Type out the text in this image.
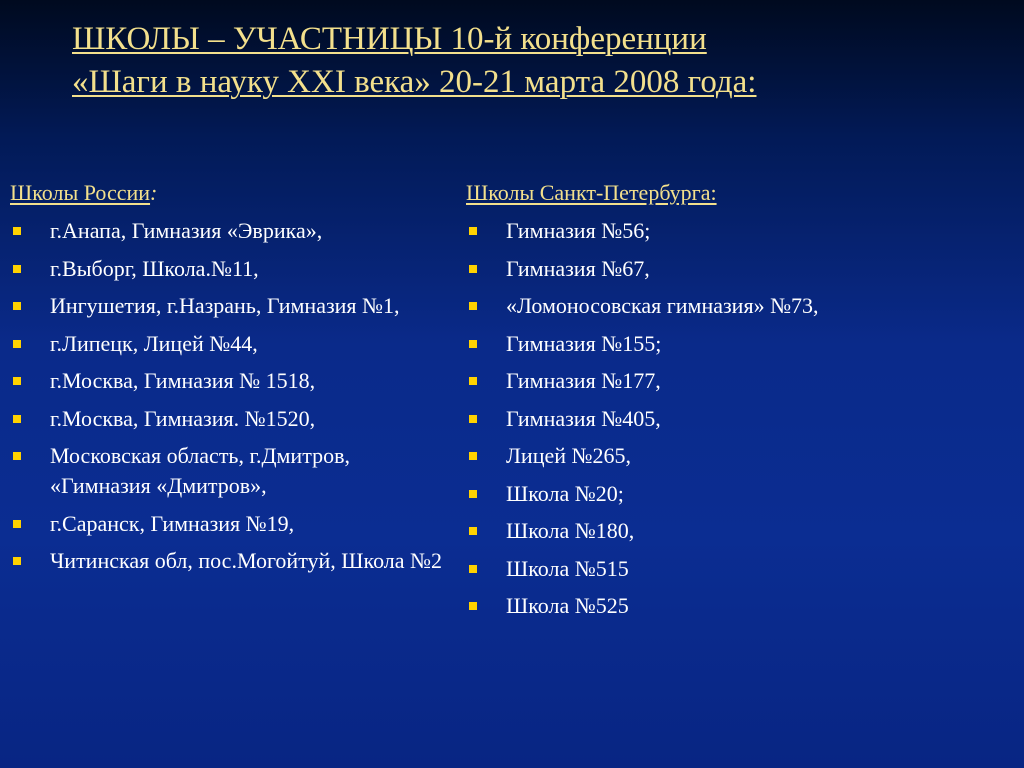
ШКОЛЫ – УЧАСТНИЦЫ 10-й конференции
«Шаги в науку XXI века» 20-21 марта 2008 года:
Школы России:
г.Анапа, Гимназия «Эврика»,
г.Выборг, Школа.№11,
Ингушетия, г.Назрань, Гимназия №1,
г.Липецк, Лицей №44,
г.Москва, Гимназия № 1518,
г.Москва, Гимназия. №1520,
Московская область, г.Дмитров, «Гимназия «Дмитров»,
г.Саранск, Гимназия №19,
Читинская обл, пос.Могойтуй, Школа №2
Школы Санкт-Петербурга:
Гимназия №56;
Гимназия №67,
«Ломоносовская гимназия» №73,
Гимназия №155;
Гимназия №177,
Гимназия №405,
Лицей №265,
Школа №20;
Школа №180,
Школа №515
Школа №525
